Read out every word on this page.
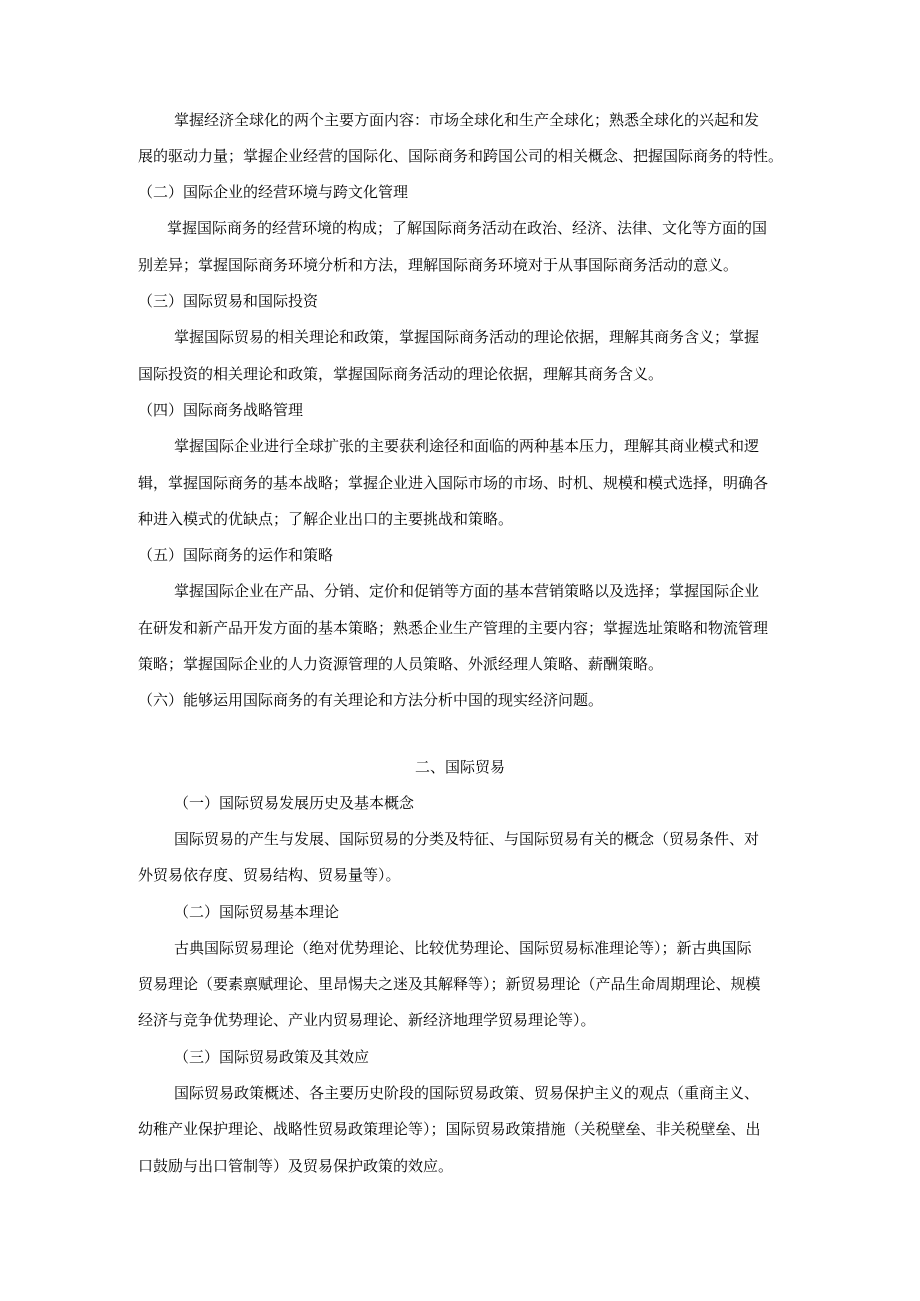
掌握经济全球化的两个主要方面内容：市场全球化和生产全球化；熟悉全球化的兴起和发

展的驱动力量；掌握企业经营的国际化、国际商务和跨国公司的相关概念、把握国际商务的特性。

（二）国际企业的经营环境与跨文化管理

掌握国际商务的经营环境的构成；了解国际商务活动在政治、经济、法律、文化等方面的国

别差异；掌握国际商务环境分析和方法，理解国际商务环境对于从事国际商务活动的意义。

（三）国际贸易和国际投资

掌握国际贸易的相关理论和政策，掌握国际商务活动的理论依据，理解其商务含义；掌握

国际投资的相关理论和政策，掌握国际商务活动的理论依据，理解其商务含义。

（四）国际商务战略管理

掌握国际企业进行全球扩张的主要获利途径和面临的两种基本压力，理解其商业模式和逻

辑，掌握国际商务的基本战略；掌握企业进入国际市场的市场、时机、规模和模式选择，明确各

种进入模式的优缺点；了解企业出口的主要挑战和策略。

（五）国际商务的运作和策略

掌握国际企业在产品、分销、定价和促销等方面的基本营销策略以及选择；掌握国际企业

在研发和新产品开发方面的基本策略；熟悉企业生产管理的主要内容；掌握选址策略和物流管理

策略；掌握国际企业的人力资源管理的人员策略、外派经理人策略、薪酬策略。

（六）能够运用国际商务的有关理论和方法分析中国的现实经济问题。

二、国际贸易

（一）国际贸易发展历史及基本概念

国际贸易的产生与发展、国际贸易的分类及特征、与国际贸易有关的概念（贸易条件、对

外贸易依存度、贸易结构、贸易量等）。

（二）国际贸易基本理论

古典国际贸易理论（绝对优势理论、比较优势理论、国际贸易标准理论等）；新古典国际

贸易理论（要素禀赋理论、里昂惕夫之迷及其解释等）；新贸易理论（产品生命周期理论、规模

经济与竞争优势理论、产业内贸易理论、新经济地理学贸易理论等）。

（三）国际贸易政策及其效应

国际贸易政策概述、各主要历史阶段的国际贸易政策、贸易保护主义的观点（重商主义、

幼稚产业保护理论、战略性贸易政策理论等）；国际贸易政策措施（关税壁垒、非关税壁垒、出

口鼓励与出口管制等）及贸易保护政策的效应。
